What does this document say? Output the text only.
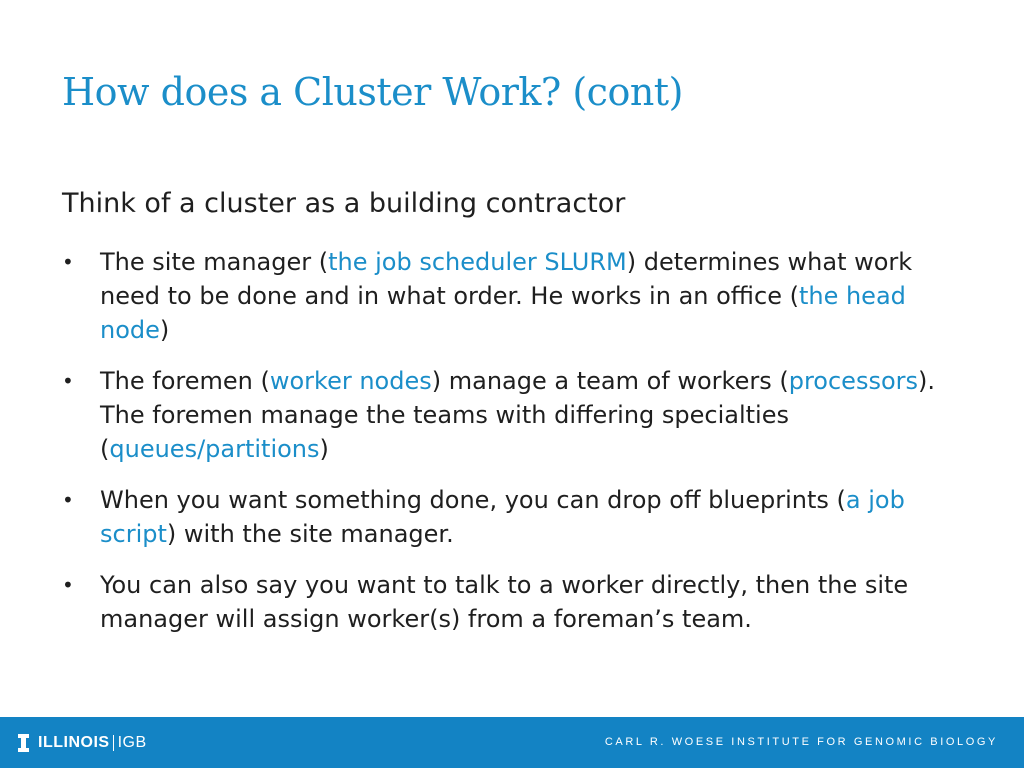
How does a Cluster Work? (cont)
Think of a cluster as a building contractor
• The site manager (the job scheduler SLURM) determines what work need to be done and in what order. He works in an office (the head node)
• The foremen (worker nodes) manage a team of workers (processors). The foremen manage the teams with differing specialties (queues/partitions)
• When you want something done, you can drop off blueprints (a job script) with the site manager.
• You can also say you want to talk to a worker directly, then the site manager will assign worker(s) from a foreman’s team.
ILLINOIS IGB	CARL R. WOESE INSTITUTE FOR GENOMIC BIOLOGY
